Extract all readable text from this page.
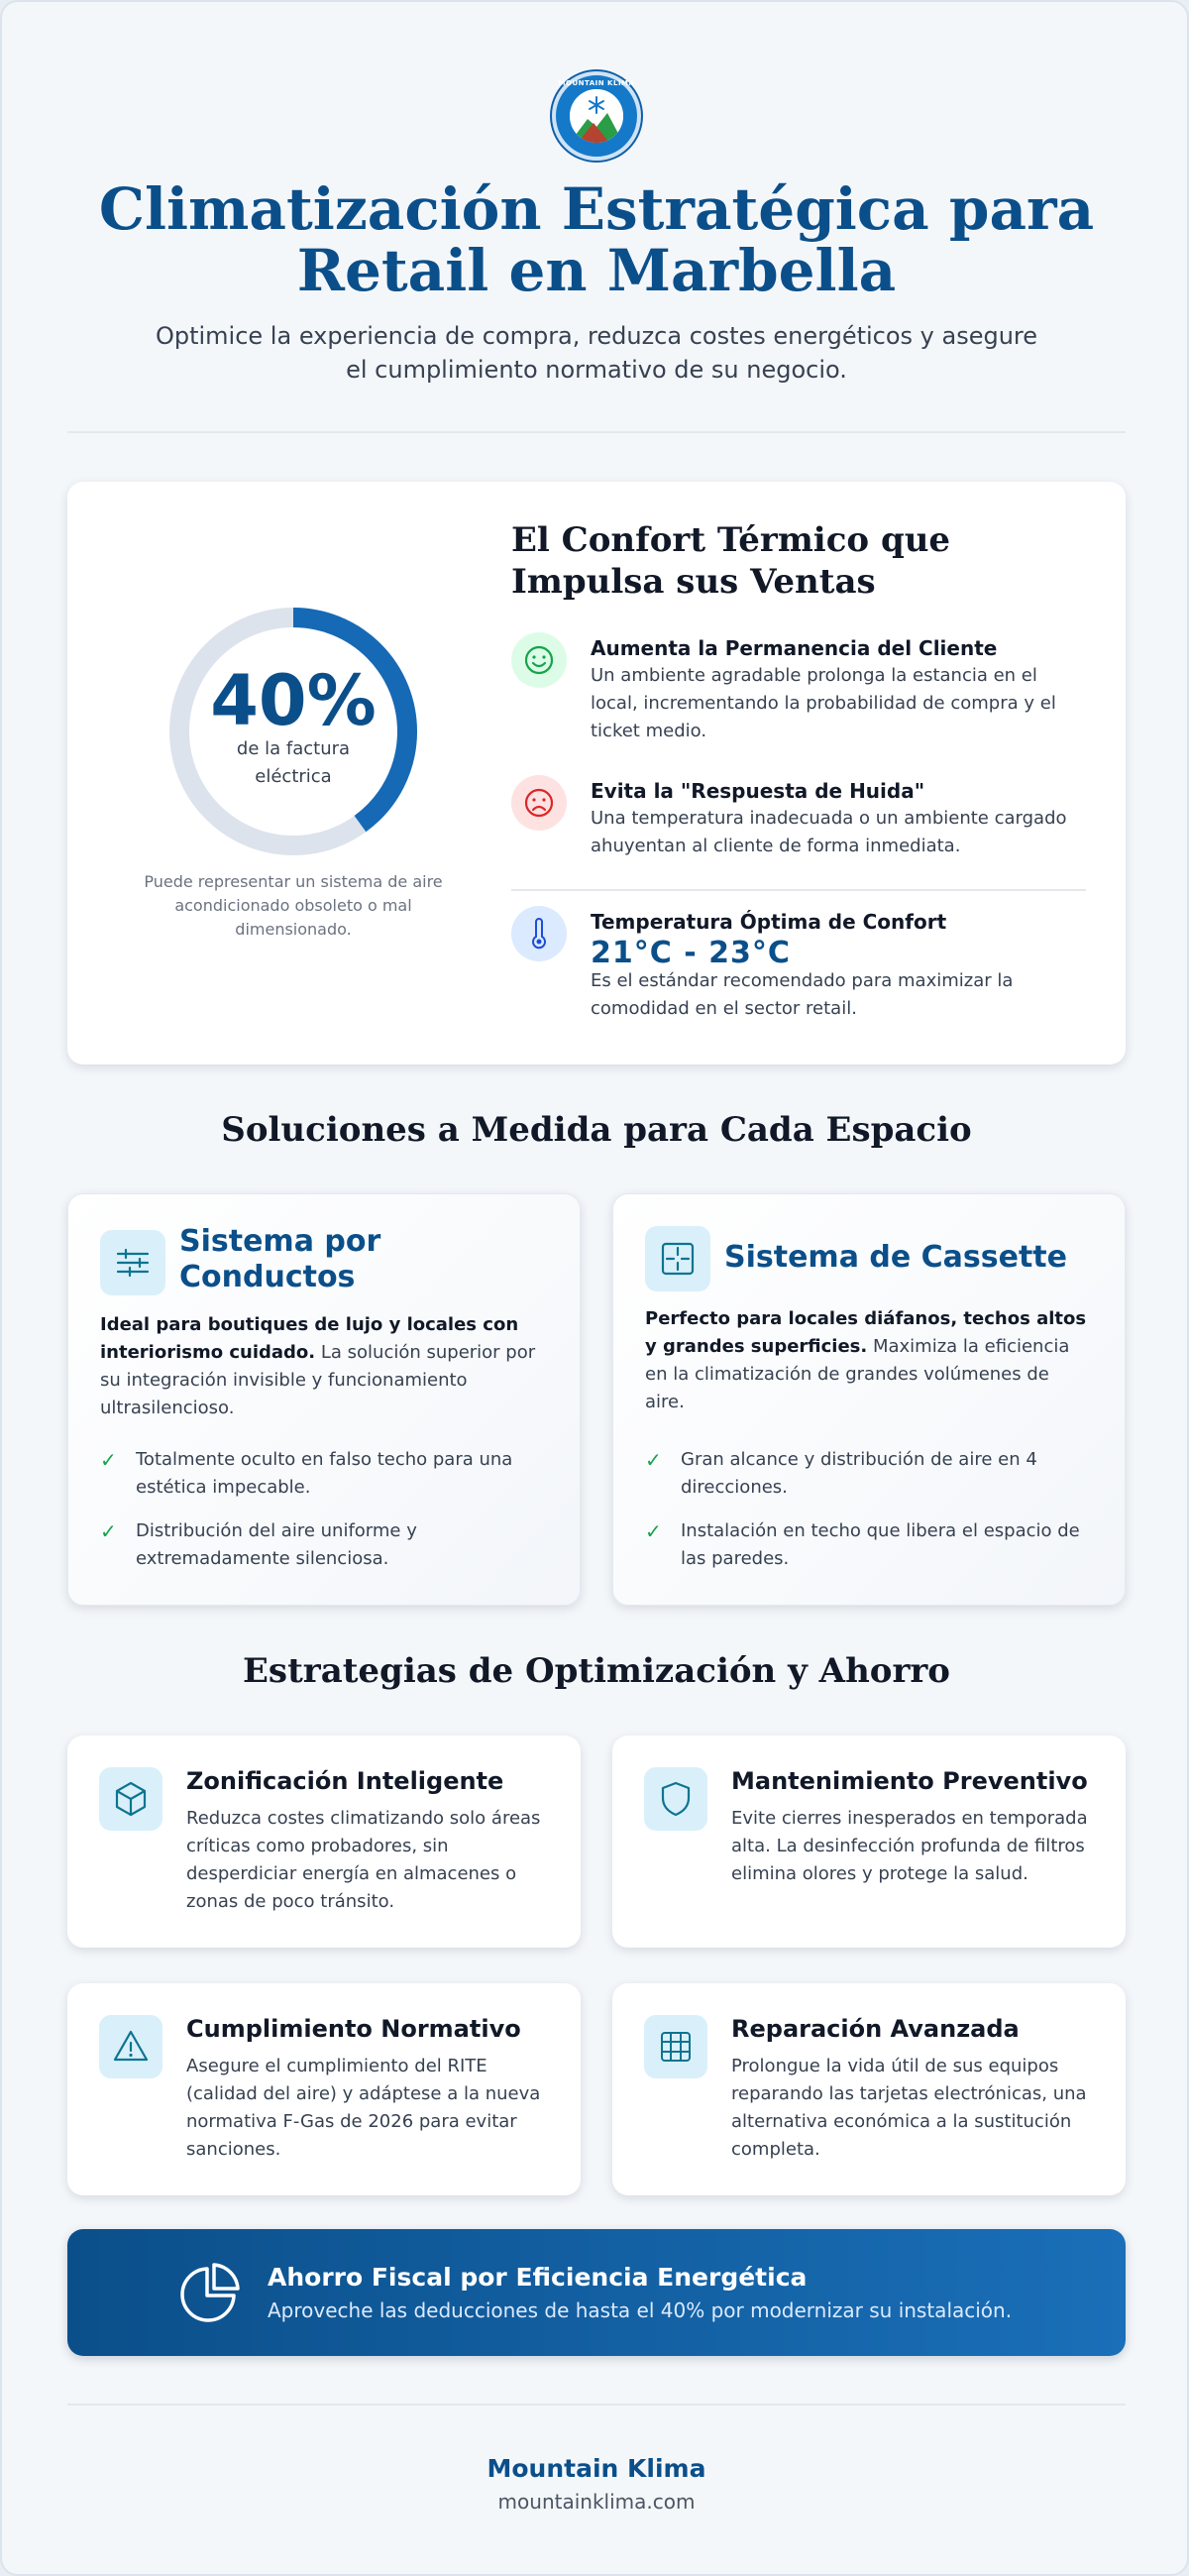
MOUNTAIN KLIMA
Climatización Estratégica para
Retail en Marbella
Optimice la experiencia de compra, reduzca costes energéticos y asegure
el cumplimiento normativo de su negocio.
40%
de la factura
eléctrica
Puede representar un sistema de aire
acondicionado obsoleto o mal
dimensionado.
El Confort Térmico que
Impulsa sus Ventas
Aumenta la Permanencia del Cliente
Un ambiente agradable prolonga la estancia en el
local, incrementando la probabilidad de compra y el
ticket medio.
Evita la "Respuesta de Huida"
Una temperatura inadecuada o un ambiente cargado
ahuyentan al cliente de forma inmediata.
Temperatura Óptima de Confort
21°C - 23°C
Es el estándar recomendado para maximizar la
comodidad en el sector retail.
Soluciones a Medida para Cada Espacio
Sistema por
Conductos
Ideal para boutiques de lujo y locales con
interiorismo cuidado. La solución superior por
su integración invisible y funcionamiento
ultrasilencioso.
✓ Totalmente oculto en falso techo para una
estética impecable.
✓ Distribución del aire uniforme y
extremadamente silenciosa.
Sistema de Cassette
Perfecto para locales diáfanos, techos altos
y grandes superficies. Maximiza la eficiencia
en la climatización de grandes volúmenes de
aire.
✓ Gran alcance y distribución de aire en 4
direcciones.
✓ Instalación en techo que libera el espacio de
las paredes.
Estrategias de Optimización y Ahorro
Zonificación Inteligente
Reduzca costes climatizando solo áreas
críticas como probadores, sin
desperdiciar energía en almacenes o
zonas de poco tránsito.
Mantenimiento Preventivo
Evite cierres inesperados en temporada
alta. La desinfección profunda de filtros
elimina olores y protege la salud.
Cumplimiento Normativo
Asegure el cumplimiento del RITE
(calidad del aire) y adáptese a la nueva
normativa F-Gas de 2026 para evitar
sanciones.
Reparación Avanzada
Prolongue la vida útil de sus equipos
reparando las tarjetas electrónicas, una
alternativa económica a la sustitución
completa.
Ahorro Fiscal por Eficiencia Energética
Aproveche las deducciones de hasta el 40% por modernizar su instalación.
Mountain Klima
mountainklima.com
